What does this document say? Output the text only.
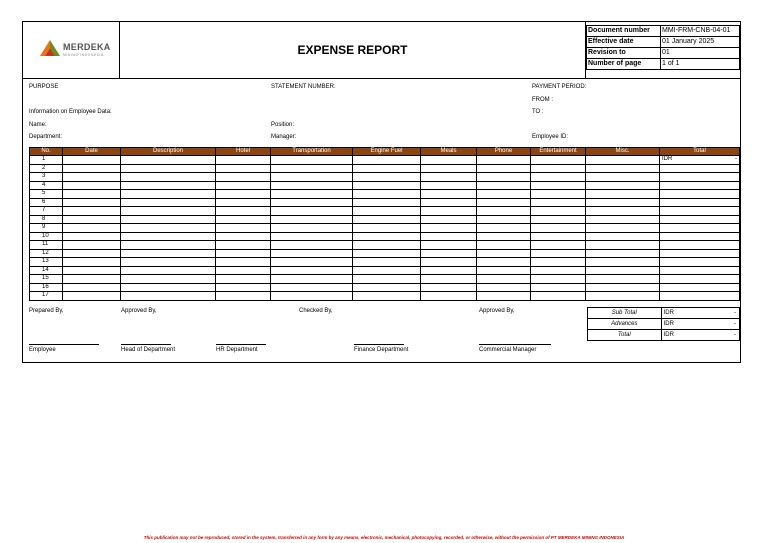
MERDEKA
MINING INDONESIA	EXPENSE REPORT
Document number	MMI-FRM-CNB-04-01
Effective date	01 January 2025
Revision to	01
Number of page	1 of 1
PURPOSE	STATEMENT NUMBER:	PAYMENT PERIOD:
FROM :
Information on Employee Data:	TO :
Name:	Position:
Department:	Manager:	Employee ID:
No.	Date	Description	Hotel	Transportation	Engine Fuel	Meals	Phone	Entertainment	Misc.	Total
1										IDR -

2										
3										
4										
5										
6										
7										
8										
9										
10										
11										
12										
13										
14										
15										
16										
17										
Prepared By,	Approved By,	Checked By,	Approved By,
Employee	Head of Department	HR Department	Finance Department	Commercial Manager
Sub Total	IDR -

Advances	IDR -

Total	IDR -
This publication may not be reproduced, stored in the system, transferred in any form by any means, electronic, mechanical, photocopying, recorded, or otherwise, without the permission of PT MERDEKA MINING INDONESIA
